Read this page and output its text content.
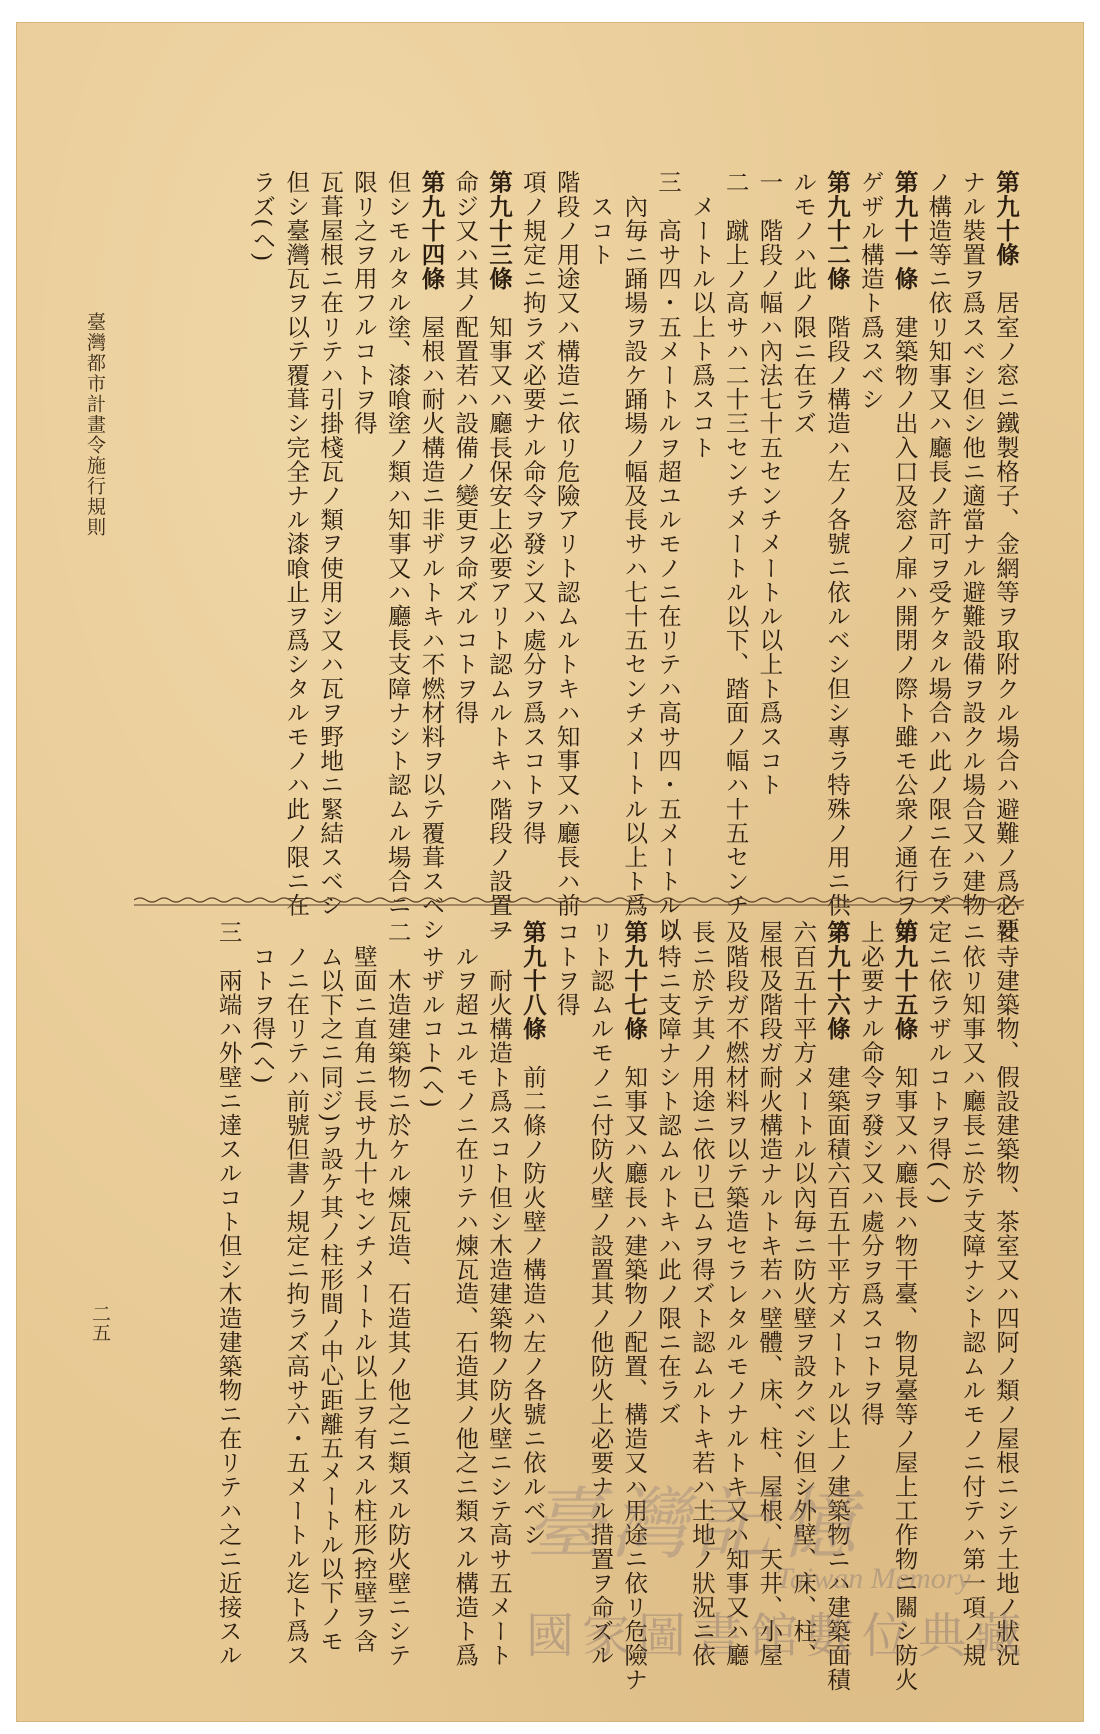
第九十條　居室ノ窓ニ鐵製格子、金網等ヲ取附クル場合ハ避難ノ爲必要
ナル裝置ヲ爲スベシ但シ他ニ適當ナル避難設備ヲ設クル場合又ハ建物
ノ構造等ニ依リ知事又ハ廳長ノ許可ヲ受ケタル場合ハ此ノ限ニ在ラズ
第九十一條　建築物ノ出入口及窓ノ扉ハ開閉ノ際ト雖モ公衆ノ通行ヲ妨
ゲザル構造ト爲スベシ
第九十二條　階段ノ構造ハ左ノ各號ニ依ルベシ但シ專ラ特殊ノ用ニ供ス
ルモノハ此ノ限ニ在ラズ
一　階段ノ幅ハ內法七十五センチメートル以上ト爲スコト
二　蹴上ノ高サハ二十三センチメートル以下、踏面ノ幅ハ十五センチ
　メートル以上ト爲スコト
三　高サ四・五メートルヲ超ユルモノニ在リテハ高サ四・五メートル以
　內毎ニ踊場ヲ設ケ踊場ノ幅及長サハ七十五センチメートル以上ト爲
　スコト
階段ノ用途又ハ構造ニ依リ危險アリト認ムルトキハ知事又ハ廳長ハ前
項ノ規定ニ拘ラズ必要ナル命令ヲ發シ又ハ處分ヲ爲スコトヲ得
第九十三條　知事又ハ廳長保安上必要アリト認ムルトキハ階段ノ設置ヲ
命ジ又ハ其ノ配置若ハ設備ノ變更ヲ命ズルコトヲ得
第九十四條　屋根ハ耐火構造ニ非ザルトキハ不燃材料ヲ以テ覆葺スベシ
但シモルタル塗、漆喰塗ノ類ハ知事又ハ廳長支障ナシト認ムル場合ニ
限リ之ヲ用フルコトヲ得
瓦葺屋根ニ在リテハ引掛棧瓦ノ類ヲ使用シ又ハ瓦ヲ野地ニ緊結スベシ
但シ臺灣瓦ヲ以テ覆葺シ完全ナル漆喰止ヲ爲シタルモノハ此ノ限ニ在
ラズ(ヘ)
社寺建築物、假設建築物、茶室又ハ四阿ノ類ノ屋根ニシテ土地ノ狀況
ニ依リ知事又ハ廳長ニ於テ支障ナシト認ムルモノニ付テハ第一項ノ規
定ニ依ラザルコトヲ得(ヘ)
第九十五條　知事又ハ廳長ハ物干臺、物見臺等ノ屋上工作物ニ關シ防火
上必要ナル命令ヲ發シ又ハ處分ヲ爲スコトヲ得
第九十六條　建築面積六百五十平方メートル以上ノ建築物ニハ建築面積
六百五十平方メートル以內毎ニ防火壁ヲ設クベシ但シ外壁、床、柱、
屋根及階段ガ耐火構造ナルトキ若ハ壁體、床、柱、屋根、天井、小屋
及階段ガ不燃材料ヲ以テ築造セラレタルモノナルトキ又ハ知事又ハ廳
長ニ於テ其ノ用途ニ依リ已ムヲ得ズト認ムルトキ若ハ土地ノ狀況ニ依
リ特ニ支障ナシト認ムルトキハ此ノ限ニ在ラズ
第九十七條　知事又ハ廳長ハ建築物ノ配置、構造又ハ用途ニ依リ危險ナ
リト認ムルモノニ付防火壁ノ設置其ノ他防火上必要ナル措置ヲ命ズル
コトヲ得
第九十八條　前二條ノ防火壁ノ構造ハ左ノ各號ニ依ルベシ
一　耐火構造ト爲スコト但シ木造建築物ノ防火壁ニシテ高サ五メート
　ルヲ超ユルモノニ在リテハ煉瓦造、石造其ノ他之ニ類スル構造ト爲
　サザルコト(ヘ)
二　木造建築物ニ於ケル煉瓦造、石造其ノ他之ニ類スル防火壁ニシテ
　壁面ニ直角ニ長サ九十センチメートル以上ヲ有スル柱形(控壁ヲ含
　ム以下之ニ同ジ)ヲ設ケ其ノ柱形間ノ中心距離五メートル以下ノモ
　ノニ在リテハ前號但書ノ規定ニ拘ラズ高サ六・五メートル迄ト爲ス
　コトヲ得(ヘ)
三　兩端ハ外壁ニ達スルコト但シ木造建築物ニ在リテハ之ニ近接スル
臺灣都市計畫令施行規則
二五
臺灣記憶
Taiwan Memory
國家圖書館數位典藏
